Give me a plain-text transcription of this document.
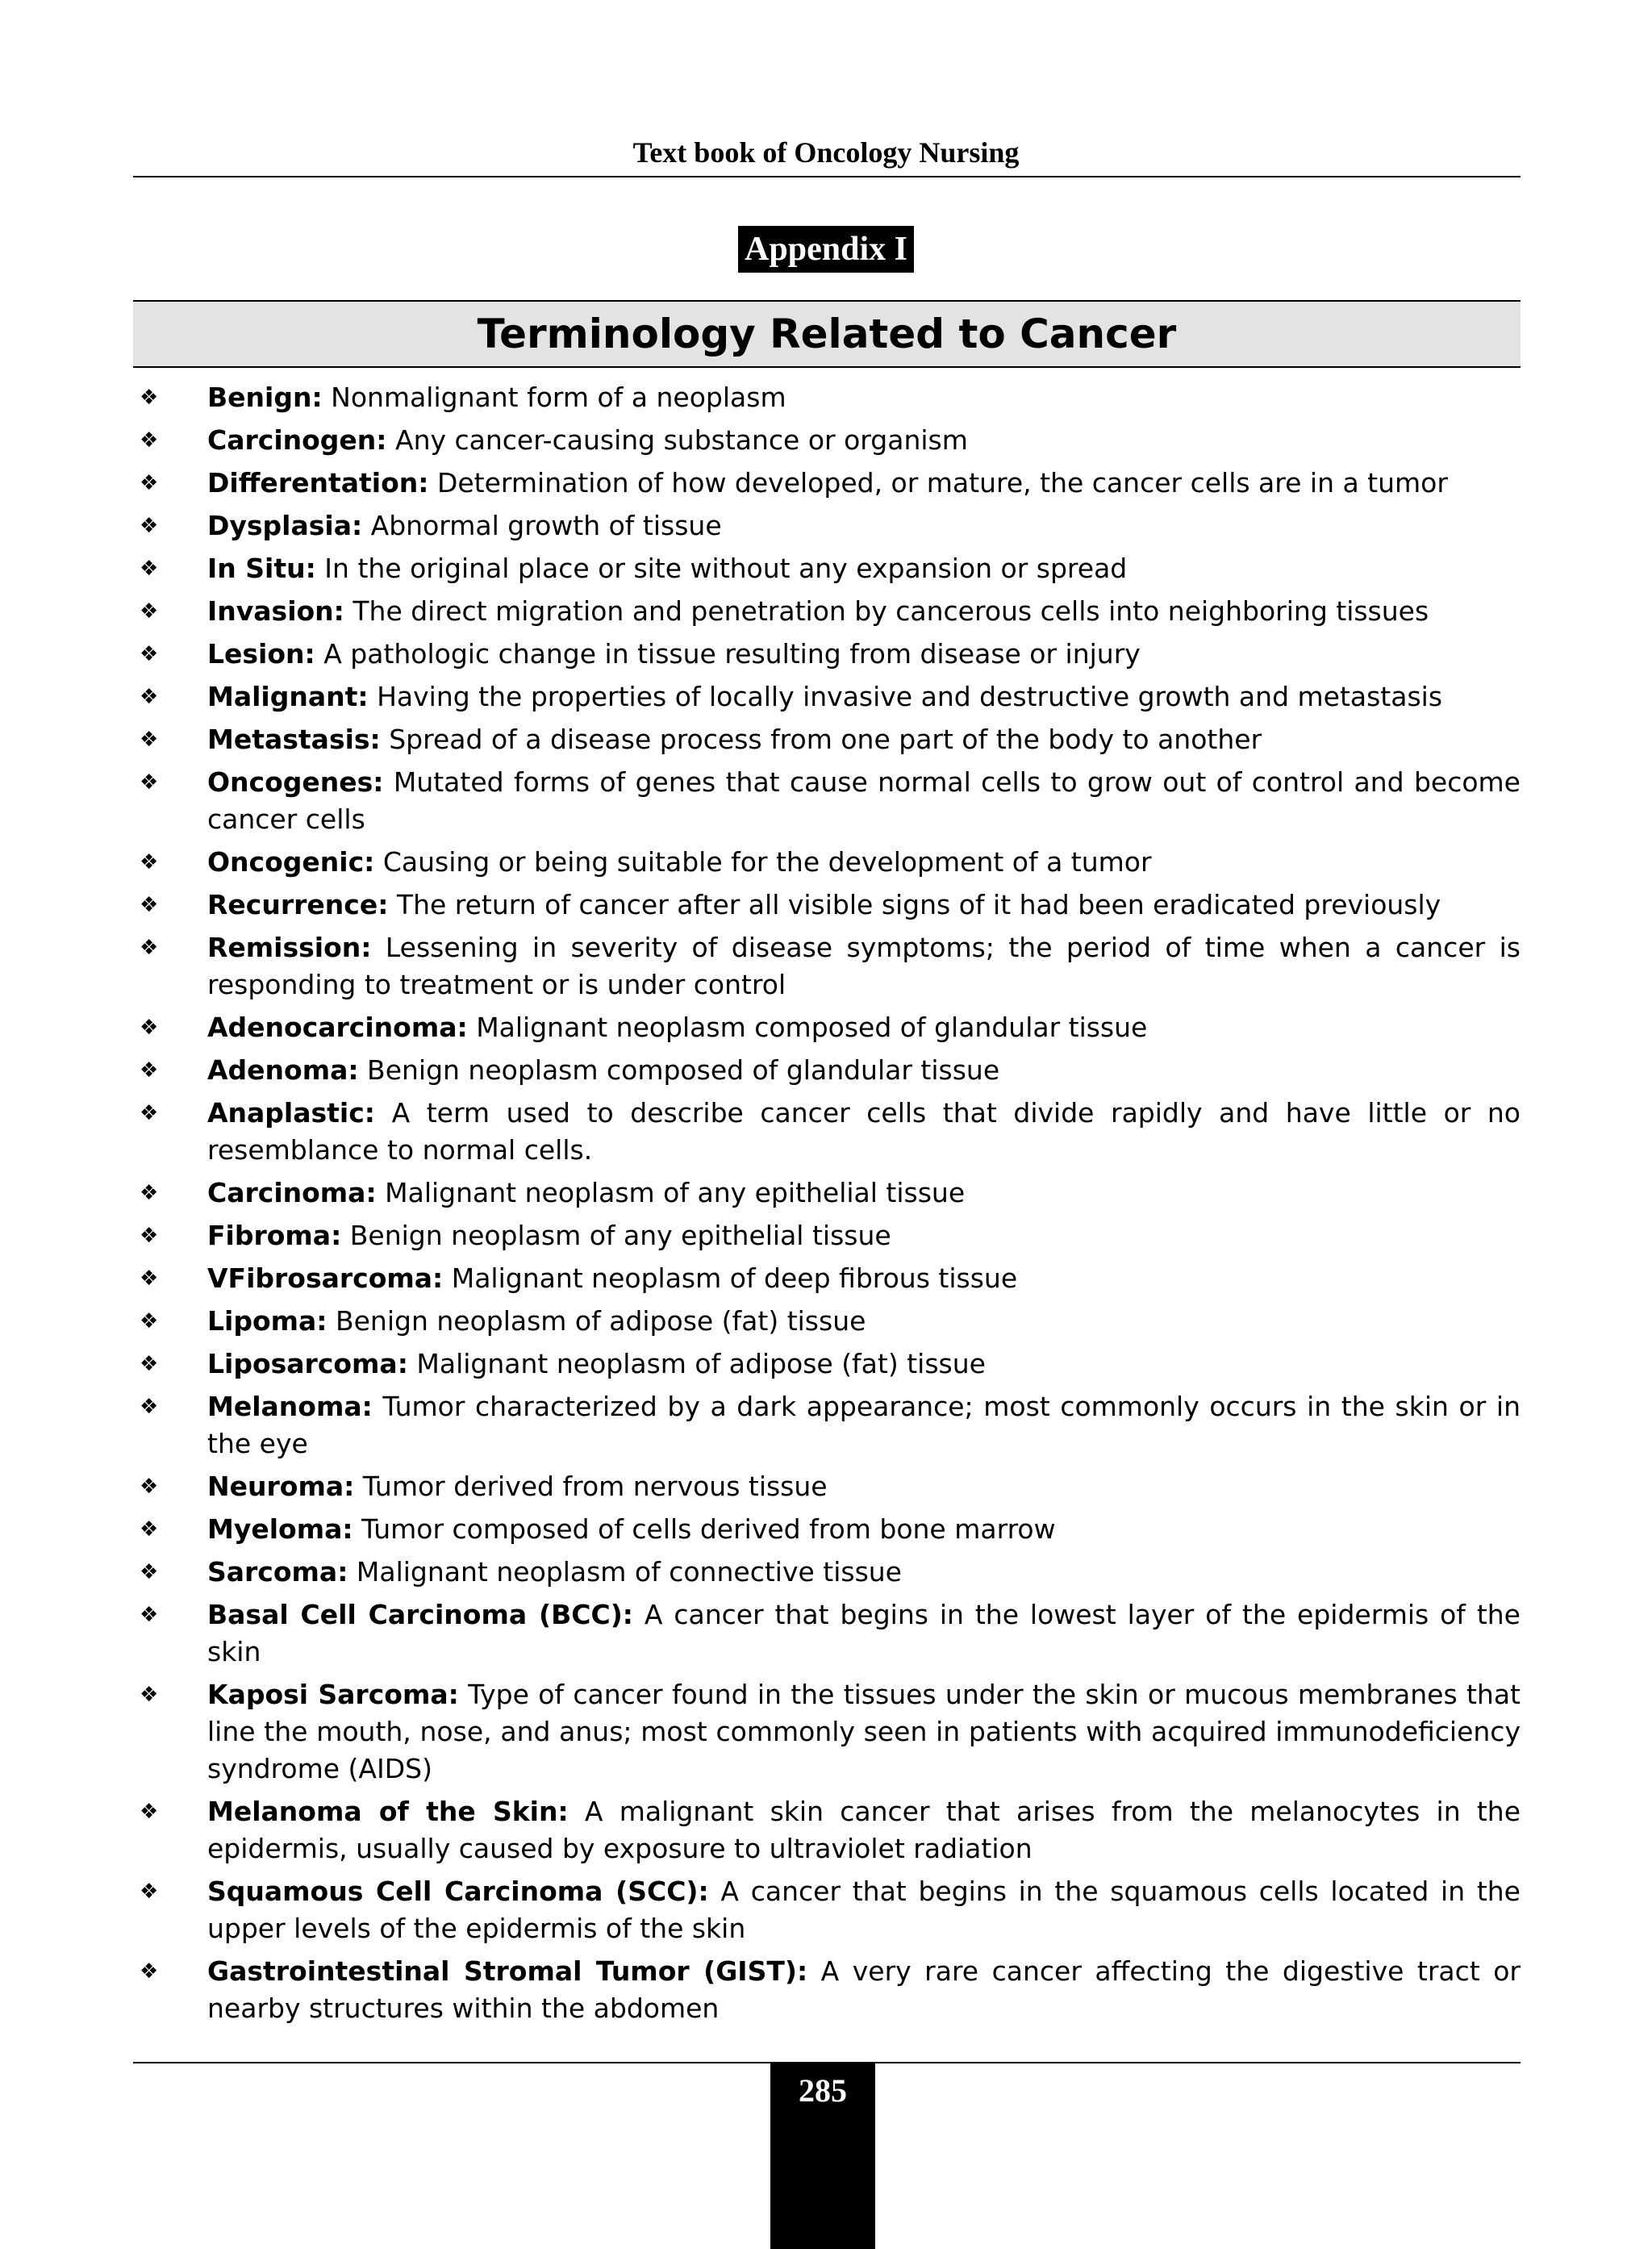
Text book of Oncology Nursing
Appendix I
Terminology Related to Cancer
❖ Benign: Nonmalignant form of a neoplasm
❖ Carcinogen: Any cancer-causing substance or organism
❖ Differentation: Determination of how developed, or mature, the cancer cells are in a tumor
❖ Dysplasia: Abnormal growth of tissue
❖ In Situ: In the original place or site without any expansion or spread
❖ Invasion: The direct migration and penetration by cancerous cells into neighboring tissues
❖ Lesion: A pathologic change in tissue resulting from disease or injury
❖ Malignant: Having the properties of locally invasive and destructive growth and metastasis
❖ Metastasis: Spread of a disease process from one part of the body to another
❖ Oncogenes: Mutated forms of genes that cause normal cells to grow out of control and become cancer cells
❖ Oncogenic: Causing or being suitable for the development of a tumor
❖ Recurrence: The return of cancer after all visible signs of it had been eradicated previously
❖ Remission: Lessening in severity of disease symptoms; the period of time when a cancer is responding to treatment or is under control
❖ Adenocarcinoma: Malignant neoplasm composed of glandular tissue
❖ Adenoma: Benign neoplasm composed of glandular tissue
❖ Anaplastic: A term used to describe cancer cells that divide rapidly and have little or no resemblance to normal cells.
❖ Carcinoma: Malignant neoplasm of any epithelial tissue
❖ Fibroma: Benign neoplasm of any epithelial tissue
❖ VFibrosarcoma: Malignant neoplasm of deep fibrous tissue
❖ Lipoma: Benign neoplasm of adipose (fat) tissue
❖ Liposarcoma: Malignant neoplasm of adipose (fat) tissue
❖ Melanoma: Tumor characterized by a dark appearance; most commonly occurs in the skin or in the eye
❖ Neuroma: Tumor derived from nervous tissue
❖ Myeloma: Tumor composed of cells derived from bone marrow
❖ Sarcoma: Malignant neoplasm of connective tissue
❖ Basal Cell Carcinoma (BCC): A cancer that begins in the lowest layer of the epidermis of the skin
❖ Kaposi Sarcoma: Type of cancer found in the tissues under the skin or mucous membranes that line the mouth, nose, and anus; most commonly seen in patients with acquired immunodeficiency syndrome (AIDS)
❖ Melanoma of the Skin: A malignant skin cancer that arises from the melanocytes in the epidermis, usually caused by exposure to ultraviolet radiation
❖ Squamous Cell Carcinoma (SCC): A cancer that begins in the squamous cells located in the upper levels of the epidermis of the skin
❖ Gastrointestinal Stromal Tumor (GIST): A very rare cancer affecting the digestive tract or nearby structures within the abdomen
285
